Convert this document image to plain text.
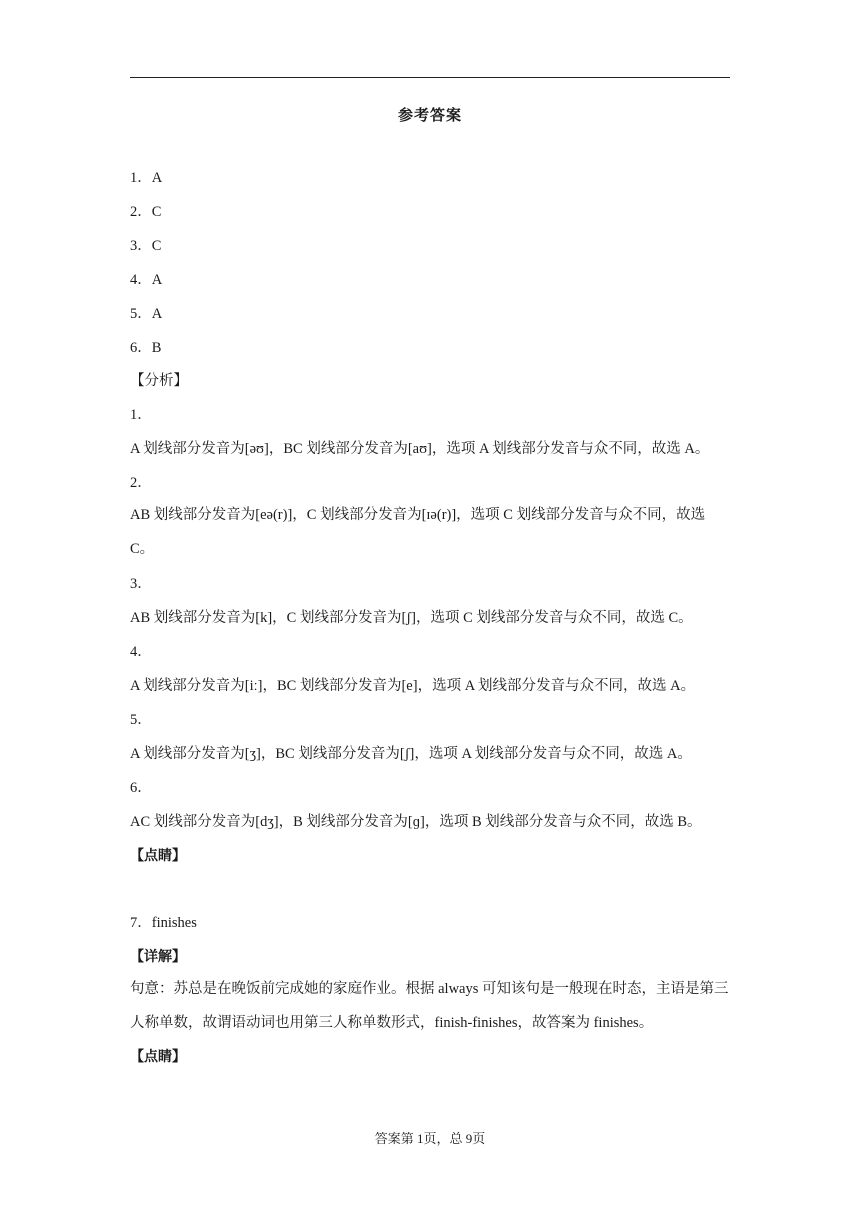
参考答案
1．A
2．C
3．C
4．A
5．A
6．B
【分析】
1．
A 划线部分发音为[əʊ]，BC 划线部分发音为[aʊ]，选项 A 划线部分发音与众不同，故选 A。
2．
AB 划线部分发音为[eə(r)]，C 划线部分发音为[ɪə(r)]，选项 C 划线部分发音与众不同，故选 C。
3．
AB 划线部分发音为[k]，C 划线部分发音为[ʃ]，选项 C 划线部分发音与众不同，故选 C。
4．
A 划线部分发音为[iː]，BC 划线部分发音为[e]，选项 A 划线部分发音与众不同，故选 A。
5．
A 划线部分发音为[ʒ]，BC 划线部分发音为[ʃ]，选项 A 划线部分发音与众不同，故选 A。
6．
AC 划线部分发音为[dʒ]，B 划线部分发音为[ɡ]，选项 B 划线部分发音与众不同，故选 B。
【点睛】
7．finishes
【详解】
句意：苏总是在晚饭前完成她的家庭作业。根据 always 可知该句是一般现在时态，主语是第三人称单数，故谓语动词也用第三人称单数形式，finish-finishes，故答案为 finishes。
【点睛】
答案第 1页，总 9页
